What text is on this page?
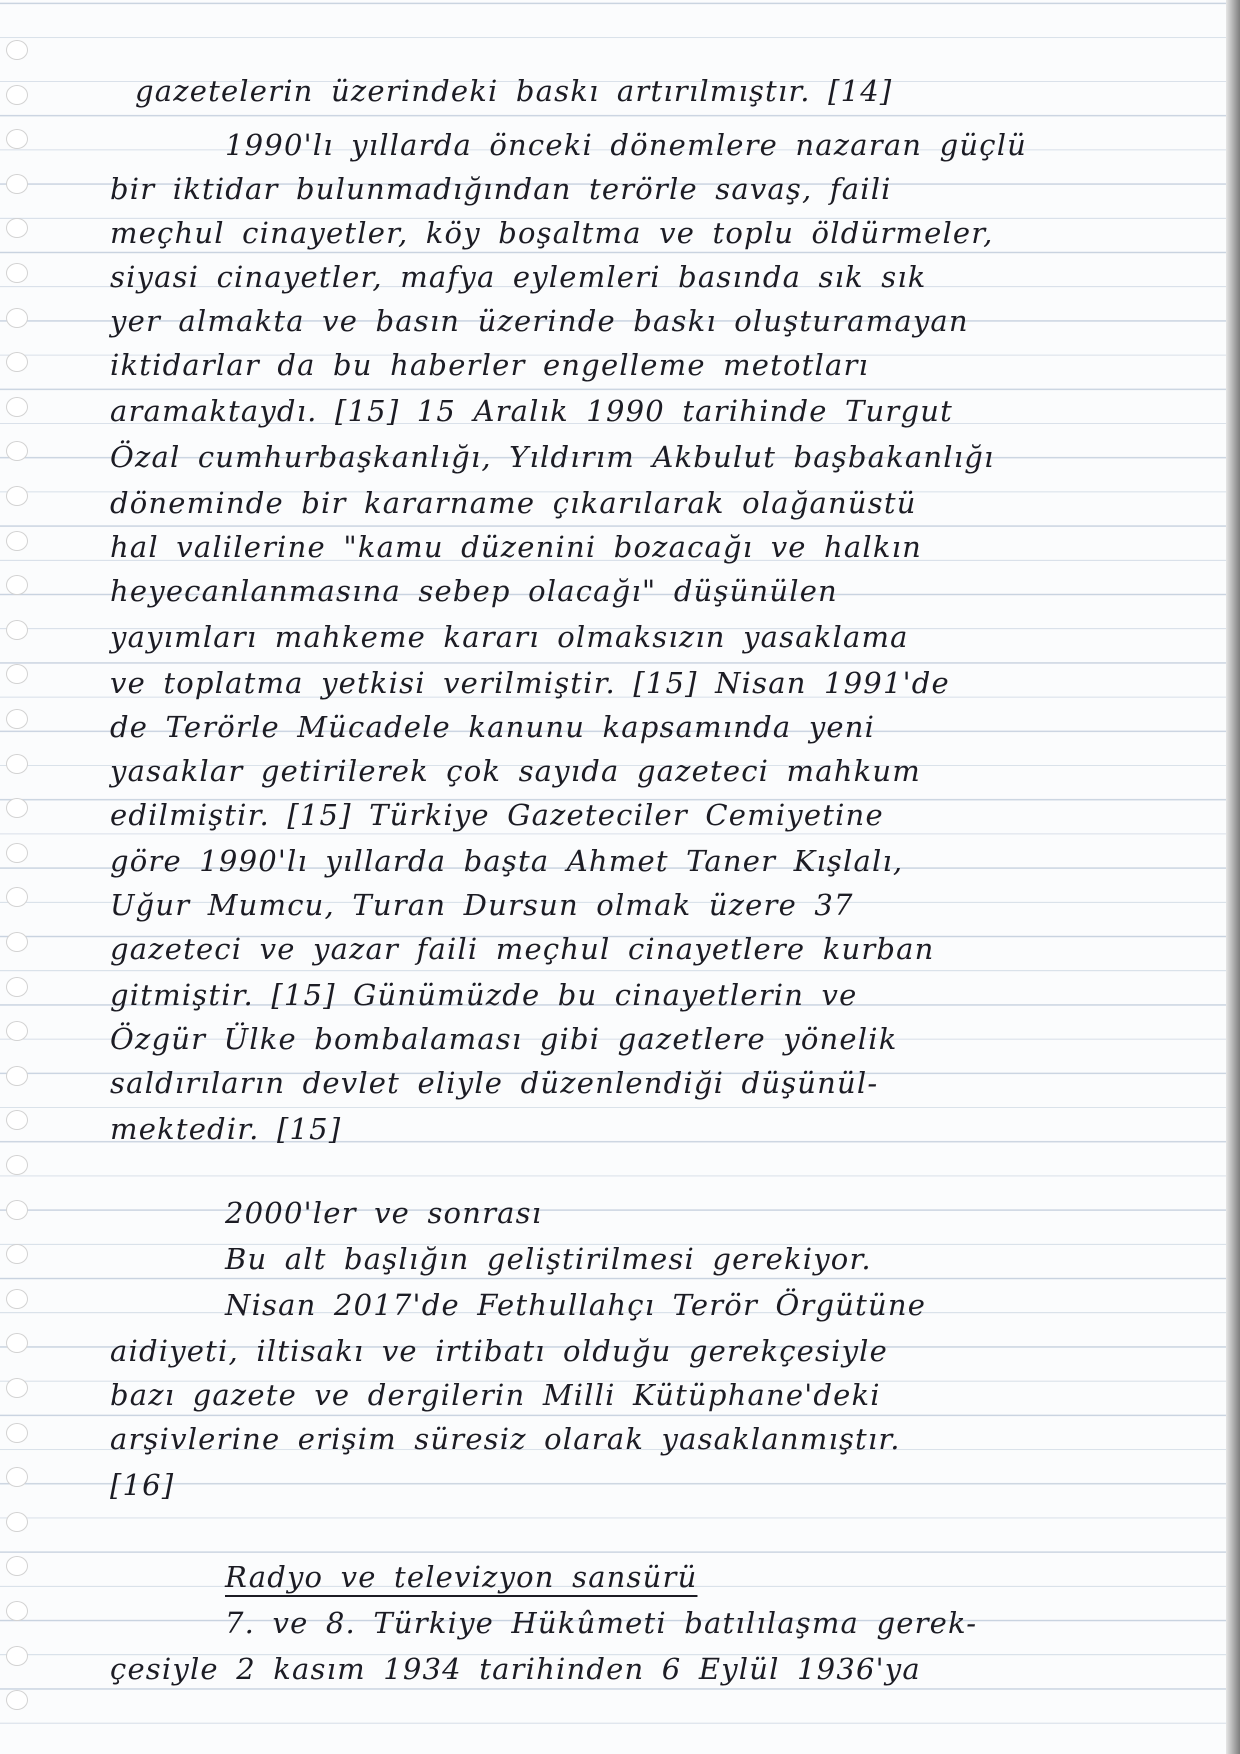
gazetelerin üzerindeki baskı artırılmıştır. [14]
1990'lı yıllarda önceki dönemlere nazaran güçlü
bir iktidar bulunmadığından terörle savaş, faili
meçhul cinayetler, köy boşaltma ve toplu öldürmeler,
siyasi cinayetler, mafya eylemleri basında sık sık
yer almakta ve basın üzerinde baskı oluşturamayan
iktidarlar da bu haberler engelleme metotları
aramaktaydı. [15] 15 Aralık 1990 tarihinde Turgut
Özal cumhurbaşkanlığı, Yıldırım Akbulut başbakanlığı
döneminde bir kararname çıkarılarak olağanüstü
hal valilerine "kamu düzenini bozacağı ve halkın
heyecanlanmasına sebep olacağı" düşünülen
yayımları mahkeme kararı olmaksızın yasaklama
ve toplatma yetkisi verilmiştir. [15] Nisan 1991'de
de Terörle Mücadele kanunu kapsamında yeni
yasaklar getirilerek çok sayıda gazeteci mahkum
edilmiştir. [15] Türkiye Gazeteciler Cemiyetine
göre 1990'lı yıllarda başta Ahmet Taner Kışlalı,
Uğur Mumcu, Turan Dursun olmak üzere 37
gazeteci ve yazar faili meçhul cinayetlere kurban
gitmiştir. [15] Günümüzde bu cinayetlerin ve
Özgür Ülke bombalaması gibi gazetlere yönelik
saldırıların devlet eliyle düzenlendiği düşünül-
mektedir. [15]
2000'ler ve sonrası
Bu alt başlığın geliştirilmesi gerekiyor.
Nisan 2017'de Fethullahçı Terör Örgütüne
aidiyeti, iltisakı ve irtibatı olduğu gerekçesiyle
bazı gazete ve dergilerin Milli Kütüphane'deki
arşivlerine erişim süresiz olarak yasaklanmıştır.
[16]
Radyo ve televizyon sansürü
7. ve 8. Türkiye Hükûmeti batılılaşma gerek-
çesiyle 2 kasım 1934 tarihinden 6 Eylül 1936'ya
